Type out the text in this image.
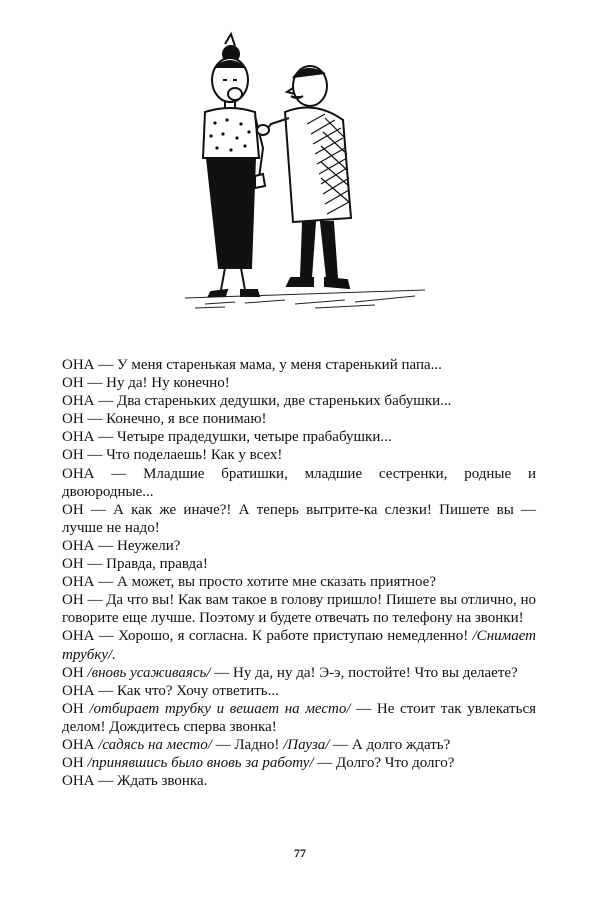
ОНА — У меня старенькая мама, у меня старенький папа...

ОН — Ну да! Ну конечно!

ОНА — Два стареньких дедушки, две стареньких бабушки...

ОН — Конечно, я все понимаю!

ОНА — Четыре прадедушки, четыре прабабушки...

ОН — Что поделаешь! Как у всех!

ОНА — Младшие братишки, младшие сестренки, родные и двоюродные...

ОН — А как же иначе?! А теперь вытрите-ка слезки! Пишете вы — лучше не надо!

ОНА — Неужели?

ОН — Правда, правда!

ОНА — А может, вы просто хотите мне сказать приятное?

ОН — Да что вы! Как вам такое в голову пришло! Пишете вы отлично, но говорите еще лучше. Поэтому и будете отвечать по телефону на звонки!

ОНА — Хорошо, я согласна. К работе приступаю немедленно! /Снимает трубку/.

ОН /вновь усаживаясь/ — Ну да, ну да! Э-э, постойте! Что вы делаете?

ОНА — Как что? Хочу ответить...

ОН /отбирает трубку и вешает на место/ — Не стоит так увлекаться делом! Дождитесь сперва звонка!

ОНА /садясь на место/ — Ладно! /Пауза/ — А долго ждать?

ОН /принявшись было вновь за работу/ — Долго? Что долго?

ОНА — Ждать звонка.

77
